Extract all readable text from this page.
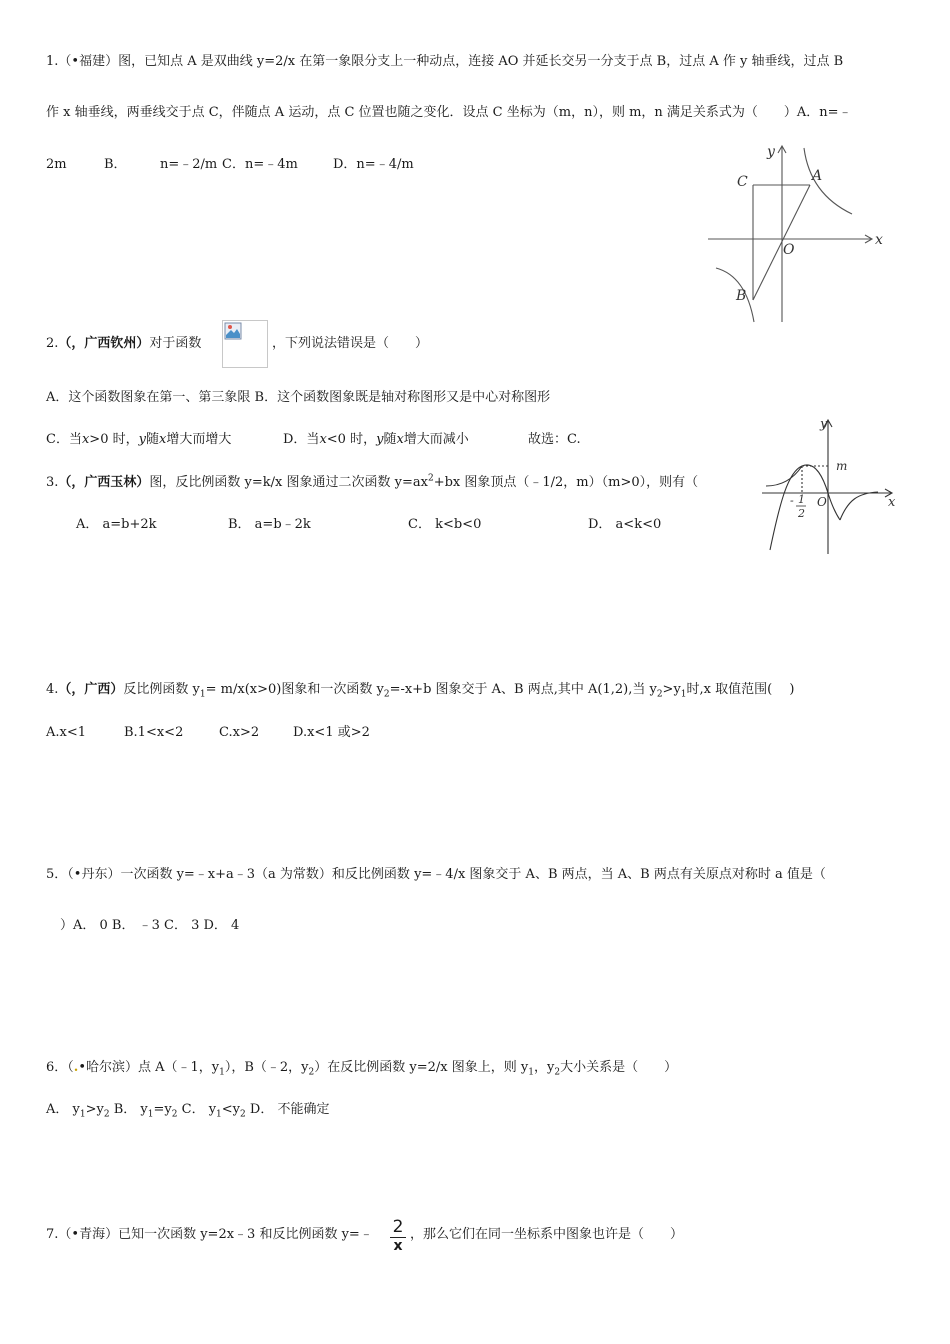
1.（•福建）图，已知点 A 是双曲线 y=2/x 在第一象限分支上一种动点，连接 AO 并延长交另一分支于点 B，过点 A 作 y 轴垂线，过点 B
作 x 轴垂线，两垂线交于点 C，伴随点 A 运动，点 C 位置也随之变化．设点 C 坐标为（m，n），则 m，n 满足关系式为（　　）A．n=﹣
2m	B．	n=﹣2/m C．n=﹣4m	D．n=﹣4/m
y
x
C	A
O
B
2.（，广西钦州）对于函数	，下列说法错误是（　　）
A．这个函数图象在第一、第三象限 B．这个函数图象既是轴对称图形又是中心对称图形
C．当x>0 时，y随x增大而增大	D．当x<0 时，y随x增大而减小	故选：C.
3.（，广西玉林）图，反比例函数 y=k/x 图象通过二次函数 $y=ax^2+bx$ 图象顶点（﹣1/2，m）（m>0），则有（
A． a=b+2k	B． a=b﹣2k	C． k<b<0	D． a<k<0
y
x
m
O
- 1
2
4.（，广西）反比例函数 $y_1= m/x(x>0)$图象和一次函数 $y_2=-x+b$ 图象交于 A、B 两点,其中 A(1,2),当 $y_2>y_1$时,x 取值范围(　 )
A.x<1	B.1<x<2	C.x>2	D.x<1 或>2
5．（•丹东）一次函数 y=﹣x+a﹣3（a 为常数）和反比例函数 y=﹣4/x 图象交于 A、B 两点，当 A、B 两点有关原点对称时 a 值是（
）A． 0 B． ﹣3 C． 3 D． 4
6．（.•哈尔滨）点 A（﹣1，$y_1$），B（﹣2，$y_2$）在反比例函数 y=2/x 图象上，则 $y_1$，$y_2$大小关系是（　　）
A． $y_1>y_2$ B． $y_1=y_2$ C． $y_1<y_2$ D． 不能确定
7.（•青海）已知一次函数 y=2x﹣3 和反比例函数 y=﹣ 2
x
，那么它们在同一坐标系中图象也许是（　　）
